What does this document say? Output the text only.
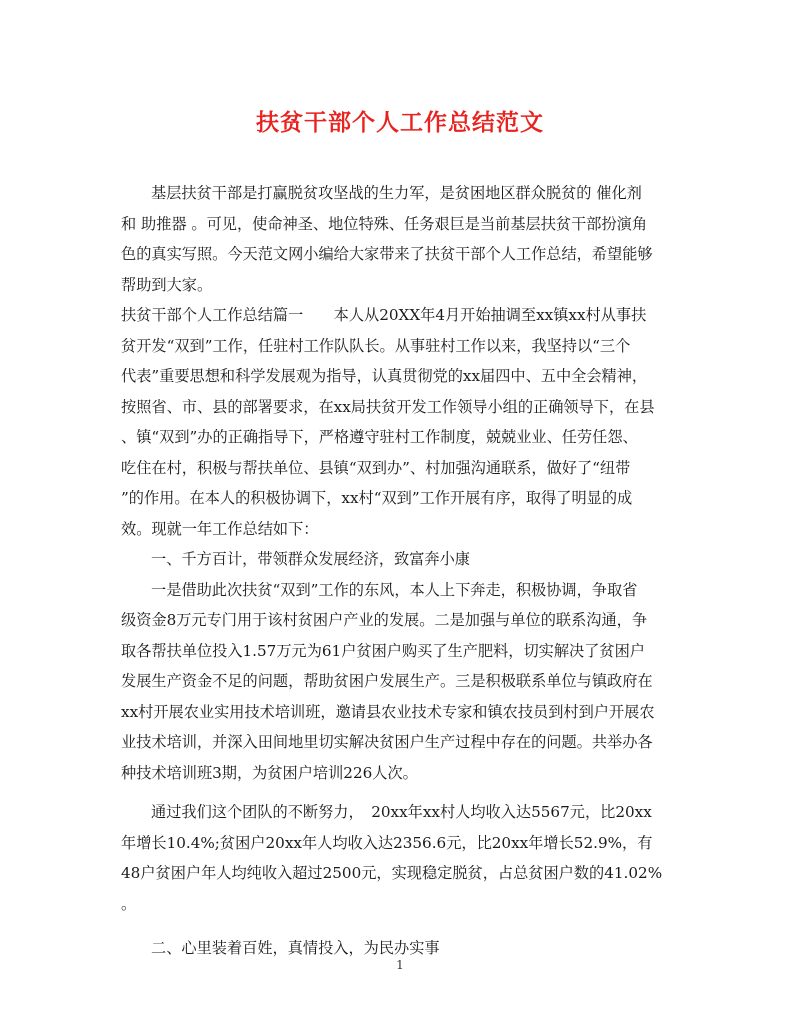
扶贫干部个人工作总结范文
基层扶贫干部是打赢脱贫攻坚战的生力军，是贫困地区群众脱贫的 催化剂
和 助推器 。可见，使命神圣、地位特殊、任务艰巨是当前基层扶贫干部扮演角
色的真实写照。今天范文网小编给大家带来了扶贫干部个人工作总结，希望能够
帮助到大家。
扶贫干部个人工作总结篇一　　本人从20XX年4月开始抽调至xx镇xx村从事扶
贫开发“双到”工作，任驻村工作队队长。从事驻村工作以来，我坚持以“三个
代表”重要思想和科学发展观为指导，认真贯彻党的xx届四中、五中全会精神，
按照省、市、县的部署要求，在xx局扶贫开发工作领导小组的正确领导下，在县
、镇“双到”办的正确指导下，严格遵守驻村工作制度，兢兢业业、任劳任怨、
吃住在村，积极与帮扶单位、县镇“双到办”、村加强沟通联系，做好了“纽带
”的作用。在本人的积极协调下，xx村“双到”工作开展有序，取得了明显的成
效。现就一年工作总结如下：
一、千方百计，带领群众发展经济，致富奔小康
一是借助此次扶贫“双到”工作的东风，本人上下奔走，积极协调，争取省
级资金8万元专门用于该村贫困户产业的发展。二是加强与单位的联系沟通，争
取各帮扶单位投入1.57万元为61户贫困户购买了生产肥料，切实解决了贫困户
发展生产资金不足的问题，帮助贫困户发展生产。三是积极联系单位与镇政府在
xx村开展农业实用技术培训班，邀请县农业技术专家和镇农技员到村到户开展农
业技术培训，并深入田间地里切实解决贫困户生产过程中存在的问题。共举办各
种技术培训班3期，为贫困户培训226人次。
通过我们这个团队的不断努力，　20xx年xx村人均收入达5567元，比20xx
年增长10.4%;贫困户20xx年人均收入达2356.6元，比20xx年增长52.9%，有
48户贫困户年人均纯收入超过2500元，实现稳定脱贫，占总贫困户数的41.02%
。
二、心里装着百姓，真情投入，为民办实事
1
